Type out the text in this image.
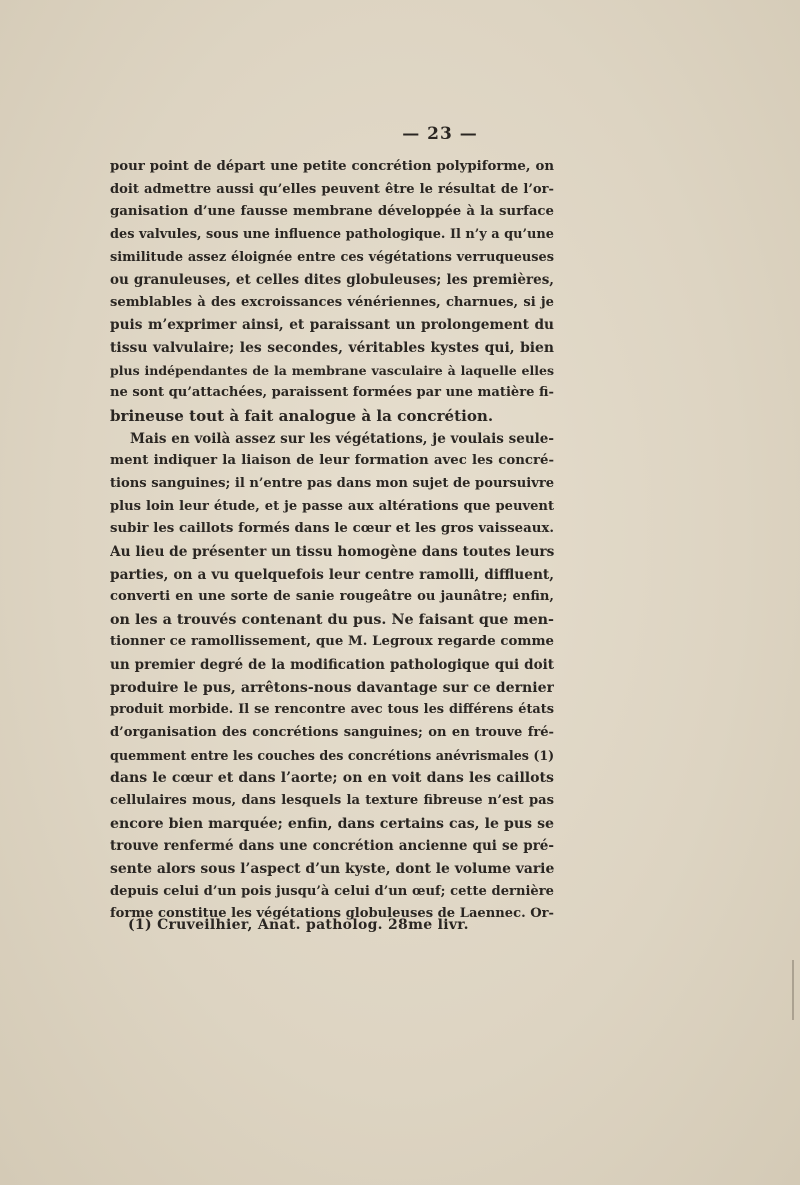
— 23 —
pour point de départ une petite concrétion polypiforme, on
doit admettre aussi qu’elles peuvent être le résultat de l’or-
ganisation d’une fausse membrane développée à la surface
des valvules, sous une influence pathologique. Il n’y a qu’une
similitude assez éloignée entre ces végétations verruqueuses
ou granuleuses, et celles dites globuleuses; les premières,
semblables à des excroissances vénériennes, charnues, si je
puis m’exprimer ainsi, et paraissant un prolongement du
tissu valvulaire; les secondes, véritables kystes qui, bien
plus indépendantes de la membrane vasculaire à laquelle elles
ne sont qu’attachées, paraissent formées par une matière fi-
brineuse tout à fait analogue à la concrétion.
Mais en voilà assez sur les végétations, je voulais seule-
ment indiquer la liaison de leur formation avec les concré-
tions sanguines; il n’entre pas dans mon sujet de poursuivre
plus loin leur étude, et je passe aux altérations que peuvent
subir les caillots formés dans le cœur et les gros vaisseaux.
Au lieu de présenter un tissu homogène dans toutes leurs
parties, on a vu quelquefois leur centre ramolli, diffluent,
converti en une sorte de sanie rougeâtre ou jaunâtre; enfin,
on les a trouvés contenant du pus. Ne faisant que men-
tionner ce ramollissement, que M. Legroux regarde comme
un premier degré de la modification pathologique qui doit
produire le pus, arrêtons-nous davantage sur ce dernier
produit morbide. Il se rencontre avec tous les différens états
d’organisation des concrétions sanguines; on en trouve fré-
quemment entre les couches des concrétions anévrismales (1)
dans le cœur et dans l’aorte; on en voit dans les caillots
cellulaires mous, dans lesquels la texture fibreuse n’est pas
encore bien marquée; enfin, dans certains cas, le pus se
trouve renfermé dans une concrétion ancienne qui se pré-
sente alors sous l’aspect d’un kyste, dont le volume varie
depuis celui d’un pois jusqu’à celui d’un œuf; cette dernière
forme constitue les végétations globuleuses de Laennec. Or-
(1) Cruveilhier, Anat. patholog. 28me livr.
